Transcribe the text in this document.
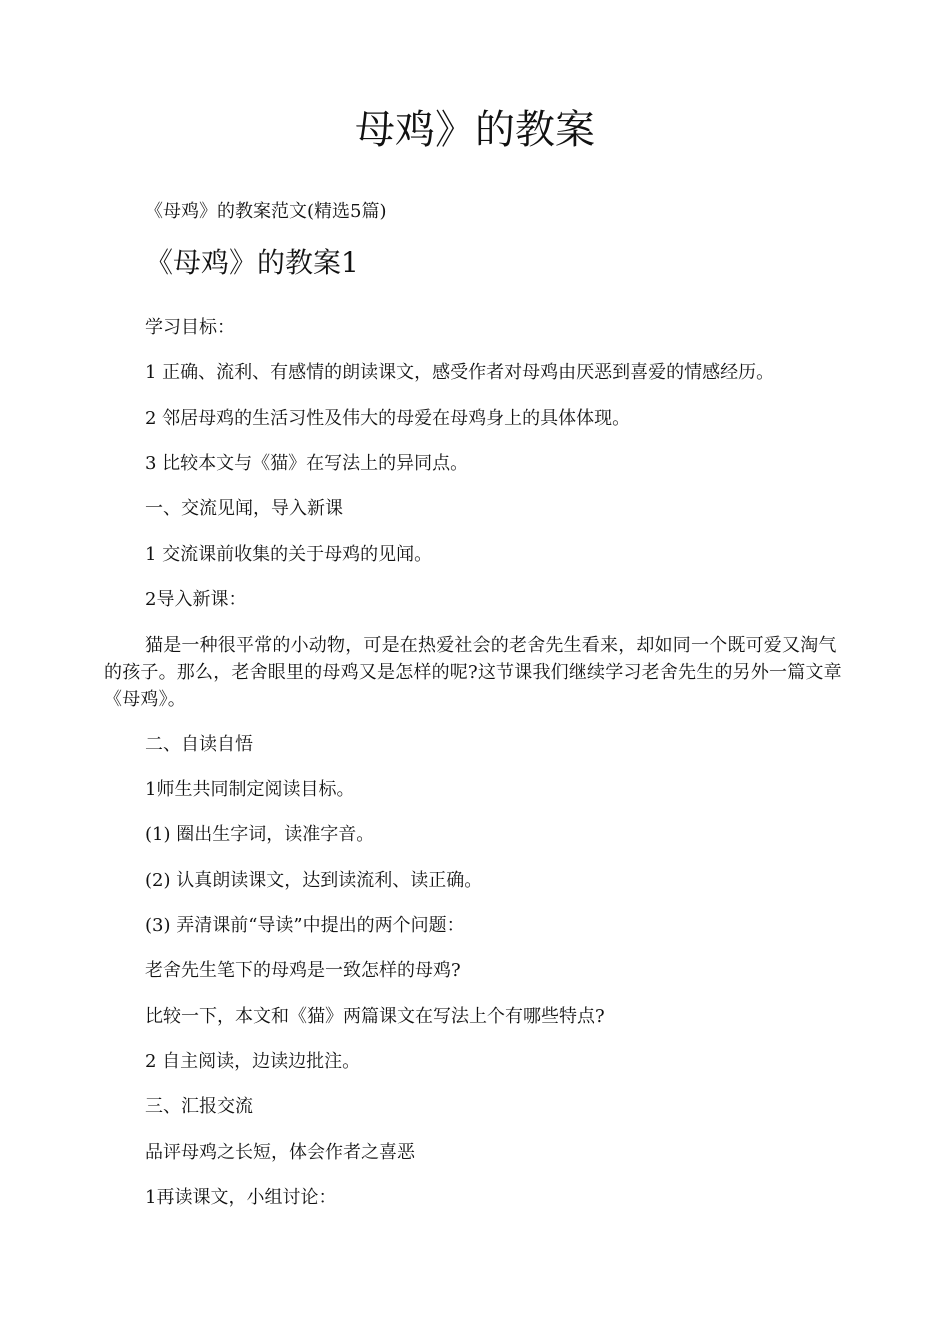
母鸡》的教案

《母鸡》的教案范文(精选5篇)

《母鸡》的教案1

学习目标：

1 正确、流利、有感情的朗读课文，感受作者对母鸡由厌恶到喜爱的情感经历。

2 邻居母鸡的生活习性及伟大的母爱在母鸡身上的具体体现。

3 比较本文与《猫》在写法上的异同点。

一、交流见闻，导入新课

1 交流课前收集的关于母鸡的见闻。

2导入新课：

猫是一种很平常的小动物，可是在热爱社会的老舍先生看来，却如同一个既可爱又淘气的孩子。那么，老舍眼里的母鸡又是怎样的呢?这节课我们继续学习老舍先生的另外一篇文章《母鸡》。

二、自读自悟

1师生共同制定阅读目标。

(1) 圈出生字词，读准字音。

(2) 认真朗读课文，达到读流利、读正确。

(3) 弄清课前“导读”中提出的两个问题：

老舍先生笔下的母鸡是一致怎样的母鸡?

比较一下，本文和《猫》两篇课文在写法上个有哪些特点?

2 自主阅读，边读边批注。

三、汇报交流

品评母鸡之长短，体会作者之喜恶

1再读课文，小组讨论：
